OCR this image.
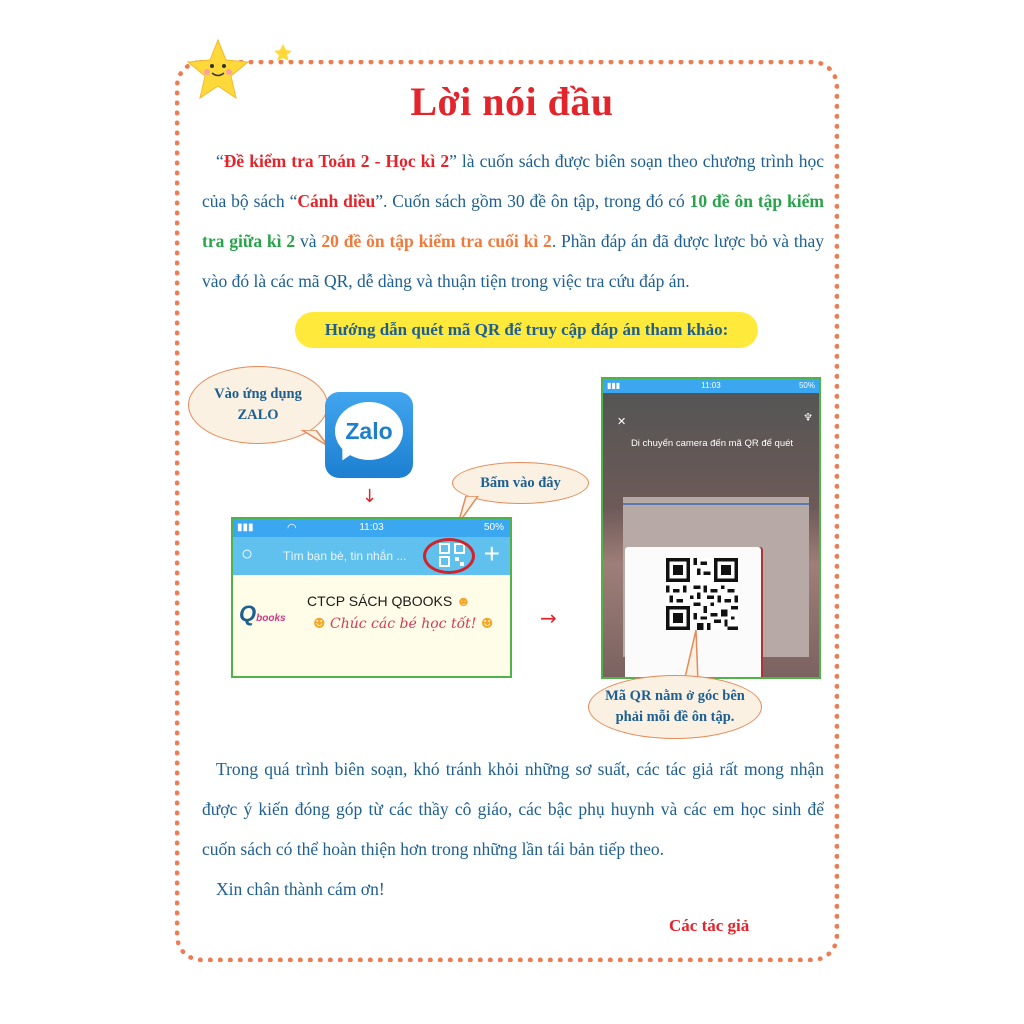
Lời nói đầu
“Đề kiểm tra Toán 2 - Học kì 2” là cuốn sách được biên soạn theo chương trình học của bộ sách “Cánh diều”. Cuốn sách gồm 30 đề ôn tập, trong đó có 10 đề ôn tập kiểm tra giữa kì 2 và 20 đề ôn tập kiểm tra cuối kì 2. Phần đáp án đã được lược bỏ và thay vào đó là các mã QR, dễ dàng và thuận tiện trong việc tra cứu đáp án.
Hướng dẫn quét mã QR để truy cập đáp án tham khảo:
Vào ứng dụng
ZALO
Zalo
↓
Bấm vào đây
▮▮▮	◠	11:03	50%
○ Tìm bạn bè, tin nhắn ...	+
Qbooks
CTCP SÁCH QBOOKS ☻
☻ Chúc các bé học tốt! ☻ →
▮▮▮	11:03	50%
✕	♆
Di chuyển camera đến mã QR để quét
Mã QR nằm ở góc bên
phải mỗi đề ôn tập.
Trong quá trình biên soạn, khó tránh khỏi những sơ suất, các tác giả rất mong nhận được ý kiến đóng góp từ các thầy cô giáo, các bậc phụ huynh và các em học sinh để cuốn sách có thể hoàn thiện hơn trong những lần tái bản tiếp theo.
Xin chân thành cám ơn!
Các tác giả
